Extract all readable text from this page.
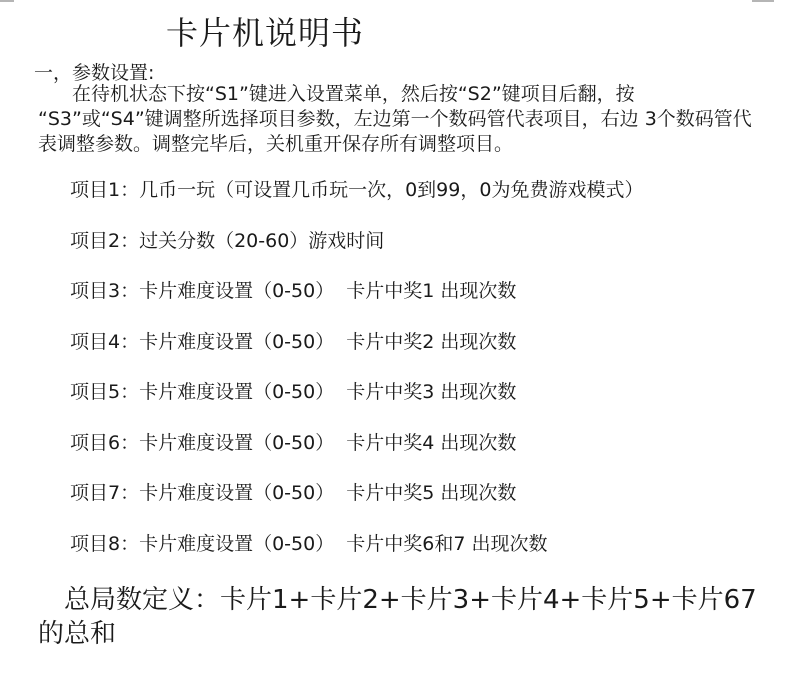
卡片机说明书
一，参数设置:
在待机状态下按“S1”键进入设置菜单，然后按“S2”键项目后翻，按 “S3”或“S4”键调整所选择项目参数，左边第一个数码管代表项目，右边 3个数码管代表调整参数。调整完毕后，关机重开保存所有调整项目。
项目1：几币一玩（可设置几币玩一次，0到99，0为免费游戏模式）
项目2：过关分数（20-60）游戏时间
项目3：卡片难度设置（0-50）  卡片中奖1 出现次数
项目4：卡片难度设置（0-50）  卡片中奖2 出现次数
项目5：卡片难度设置（0-50）  卡片中奖3 出现次数
项目6：卡片难度设置（0-50）  卡片中奖4 出现次数
项目7：卡片难度设置（0-50）  卡片中奖5 出现次数
项目8：卡片难度设置（0-50）  卡片中奖6和7 出现次数
总局数定义：卡片1+卡片2+卡片3+卡片4+卡片5+卡片67的总和
